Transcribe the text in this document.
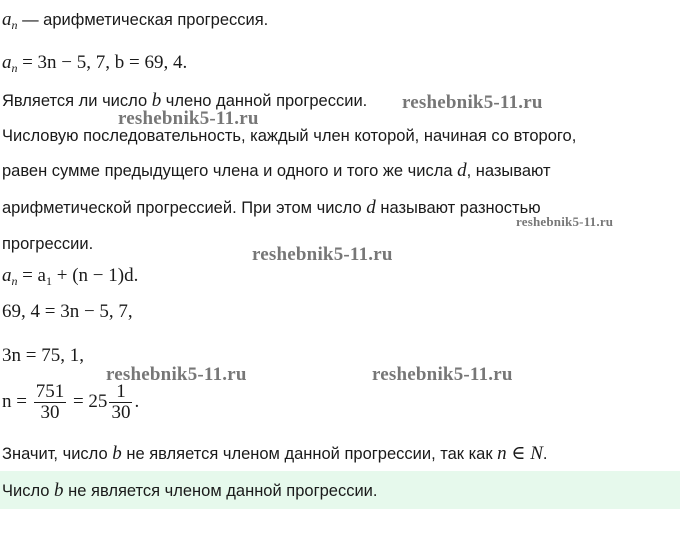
$a_n$ — арифметическая прогрессия.
$a_n = 3n - 5$, 7, b = 69, 4.
Является ли число b члено данной прогрессии.
Числовую последовательность, каждый член которой, начиная со второго,
равен сумме предыдущего члена и одного и того же числа d, называют
арифметической прогрессией. При этом число d называют разностью
прогрессии.
$a_n = a_1 + (n - 1)d$.
69, 4 = 3n − 5, 7,
3n = 75, 1,
$n = \frac{751}{30} = 25 \frac{1}{30}$ .
Значит, число b не является членом данной прогрессии, так как n ∈ N.
Число b не является членом данной прогрессии.
reshebnik5-11.ru
reshebnik5-11.ru
reshebnik5-11.ru
reshebnik5-11.ru
reshebnik5-11.ru	reshebnik5-11.ru
